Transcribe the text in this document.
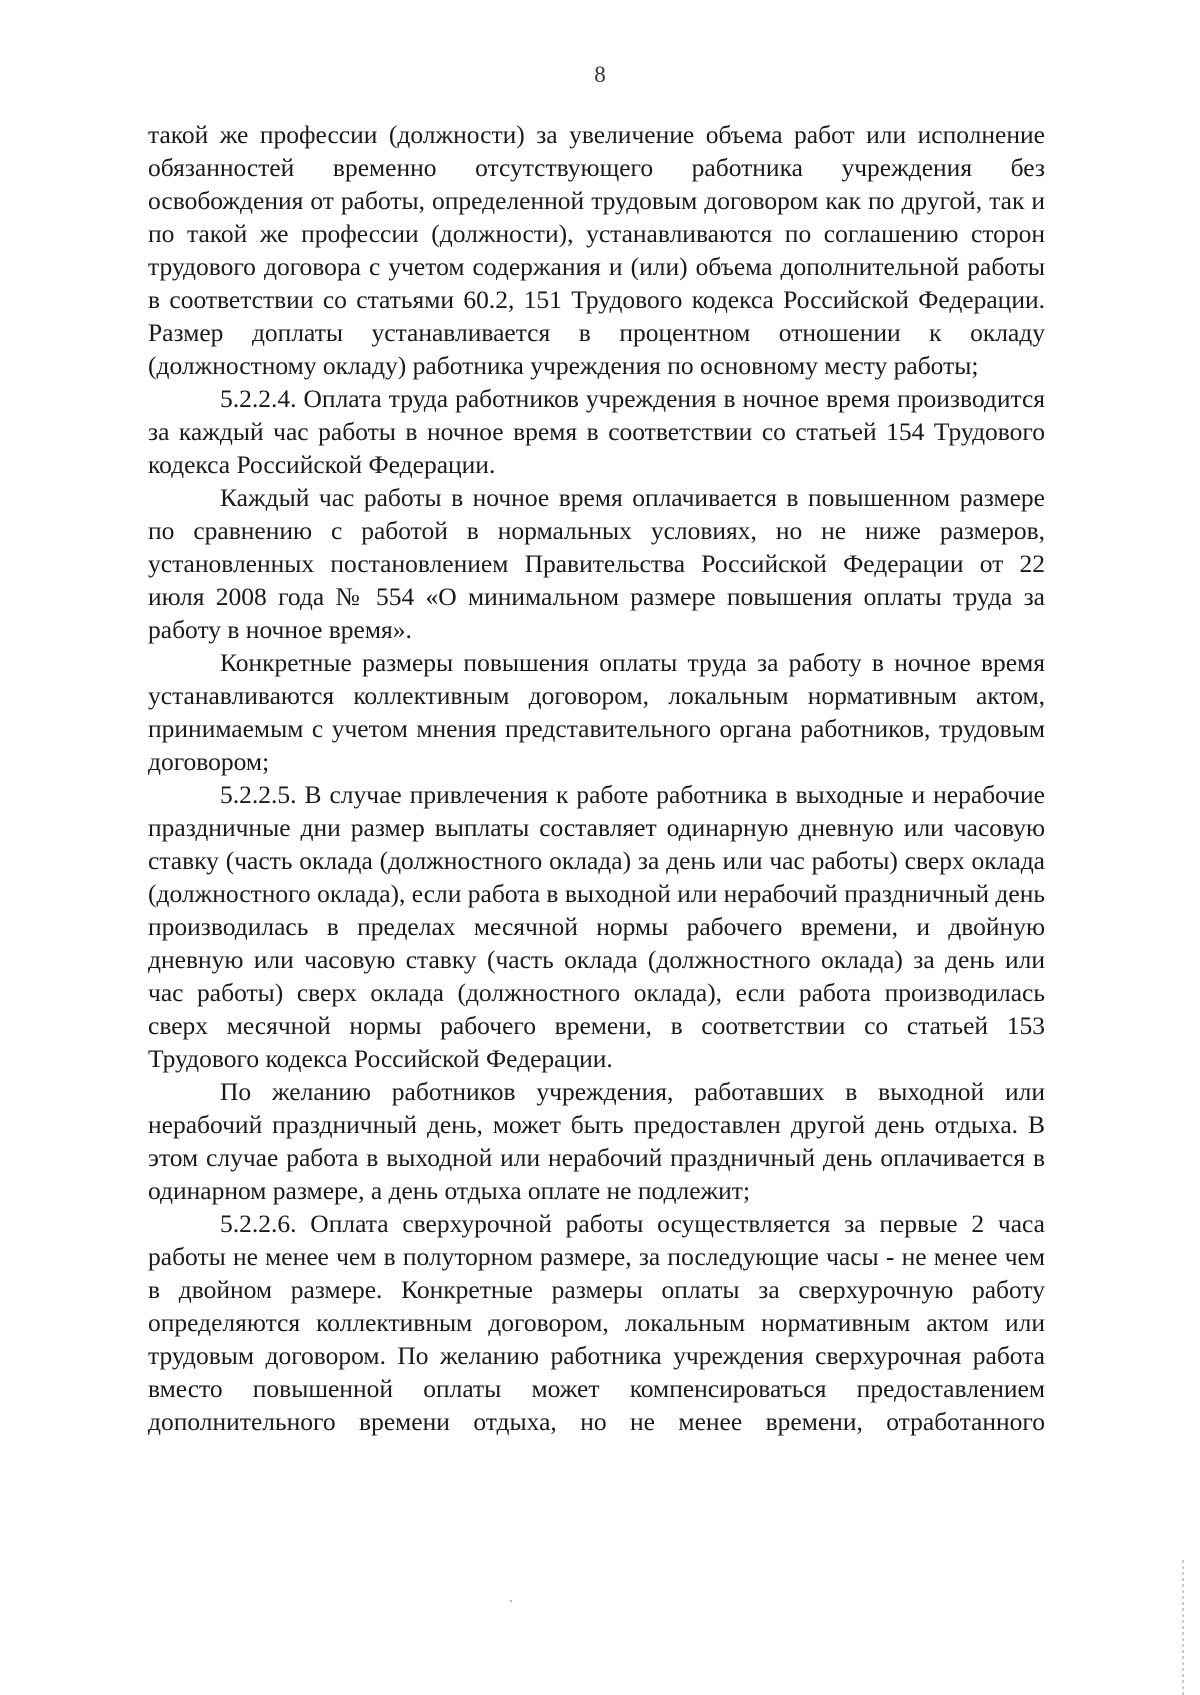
8

такой же профессии (должности) за увеличение объема работ или исполнение обязанностей временно отсутствующего работника учреждения без освобождения от работы, определенной трудовым договором как по другой, так и по такой же профессии (должности), устанавливаются по соглашению сторон трудового договора с учетом содержания и (или) объема дополнительной работы в соответствии со статьями 60.2, 151 Трудового кодекса Российской Федерации. Размер доплаты устанавливается в процентном отношении к окладу (должностному окладу) работника учреждения по основному месту работы;

5.2.2.4. Оплата труда работников учреждения в ночное время производится за каждый час работы в ночное время в соответствии со статьей 154 Трудового кодекса Российской Федерации.

Каждый час работы в ночное время оплачивается в повышенном размере по сравнению с работой в нормальных условиях, но не ниже размеров, установленных постановлением Правительства Российской Федерации от 22 июля 2008 года № 554 «О минимальном размере повышения оплаты труда за работу в ночное время».

Конкретные размеры повышения оплаты труда за работу в ночное время устанавливаются коллективным договором, локальным нормативным актом, принимаемым с учетом мнения представительного органа работников, трудовым договором;

5.2.2.5. В случае привлечения к работе работника в выходные и нерабочие праздничные дни размер выплаты составляет одинарную дневную или часовую ставку (часть оклада (должностного оклада) за день или час работы) сверх оклада (должностного оклада), если работа в выходной или нерабочий праздничный день производилась в пределах месячной нормы рабочего времени, и двойную дневную или часовую ставку (часть оклада (должностного оклада) за день или час работы) сверх оклада (должностного оклада), если работа производилась сверх месячной нормы рабочего времени, в соответствии со статьей 153 Трудового кодекса Российской Федерации.

По желанию работников учреждения, работавших в выходной или нерабочий праздничный день, может быть предоставлен другой день отдыха. В этом случае работа в выходной или нерабочий праздничный день оплачивается в одинарном размере, а день отдыха оплате не подлежит;

5.2.2.6. Оплата сверхурочной работы осуществляется за первые 2 часа работы не менее чем в полуторном размере, за последующие часы - не менее чем в двойном размере. Конкретные размеры оплаты за сверхурочную работу определяются коллективным договором, локальным нормативным актом или трудовым договором. По желанию работника учреждения сверхурочная работа вместо повышенной оплаты может компенсироваться предоставлением дополнительного времени отдыха, но не менее времени, отработанного
